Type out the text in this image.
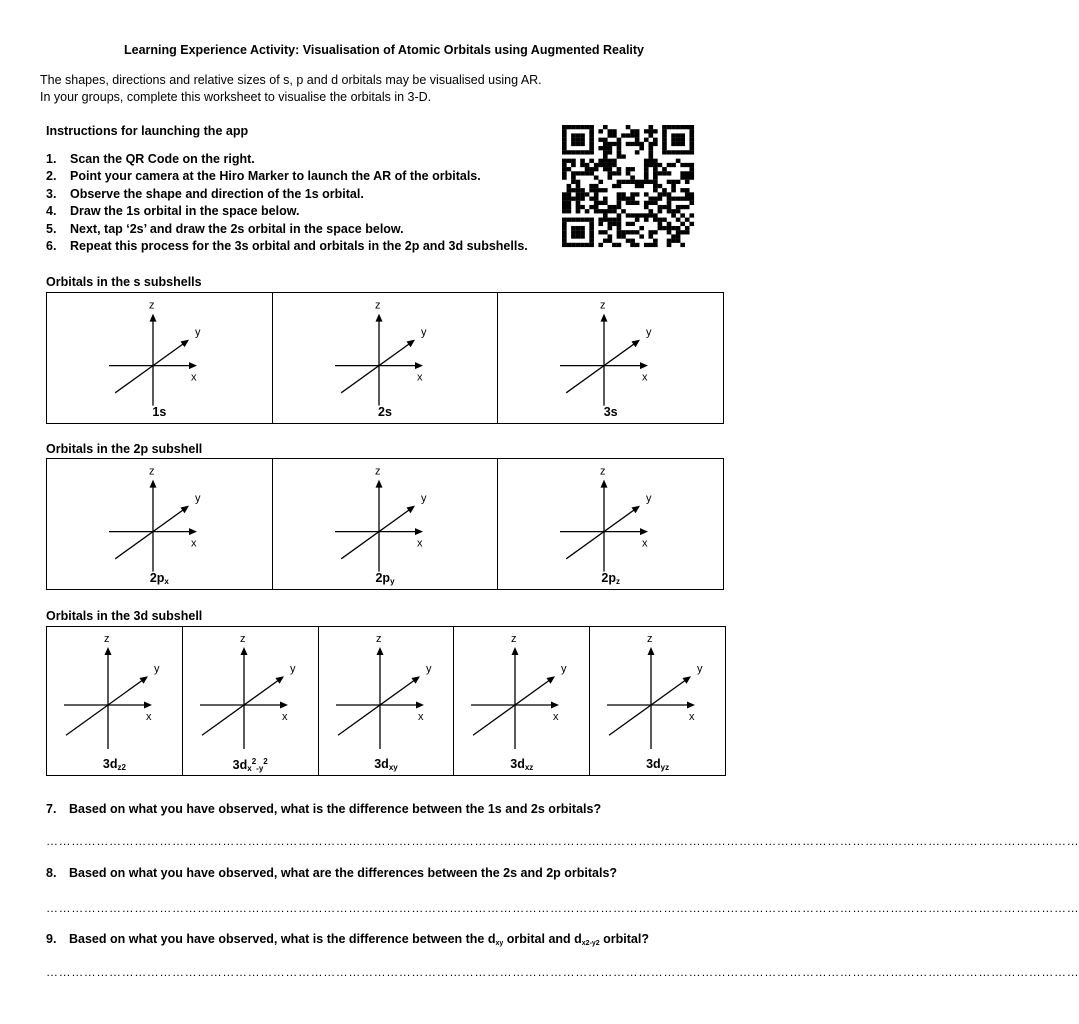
Learning Experience Activity: Visualisation of Atomic Orbitals using Augmented Reality
The shapes, directions and relative sizes of s, p and d orbitals may be visualised using AR.
In your groups, complete this worksheet to visualise the orbitals in 3-D.
Instructions for launching the app
1. Scan the QR Code on the right.
2. Point your camera at the Hiro Marker to launch the AR of the orbitals.
3. Observe the shape and direction of the 1s orbital.
4. Draw the 1s orbital in the space below.
5. Next, tap ‘2s’ and draw the 2s orbital in the space below.
6. Repeat this process for the 3s orbital and orbitals in the 2p and 3d subshells.
Orbitals in the s subshells
x
y
z
1s
x
y
z
2s
x
y
z
3s
Orbitals in the 2p subshell
x
y
z
$2p_x$
x
y
z
$2p_y$
x
y
z
$2p_z$
Orbitals in the 3d subshell
x
y
z
$3d_{z2}$
x
y
z
$3d_x^2_{-y}^2$
x
y
z
$3d_{xy}$
x
y
z
$3d_{xz}$
x
y
z
$3d_{yz}$
7. Based on what you have observed, what is the difference between the 1s and 2s orbitals?
…………………………………………………………………………………………………………………………………………………………………………………………………………………………
8. Based on what you have observed, what are the differences between the 2s and 2p orbitals?
…………………………………………………………………………………………………………………………………………………………………………………………………………………………
9. Based on what you have observed, what is the difference between the $d_{xy}$ orbital and $d_{x2-y2}$ orbital?
…………………………………………………………………………………………………………………………………………………………………………………………………………………………
